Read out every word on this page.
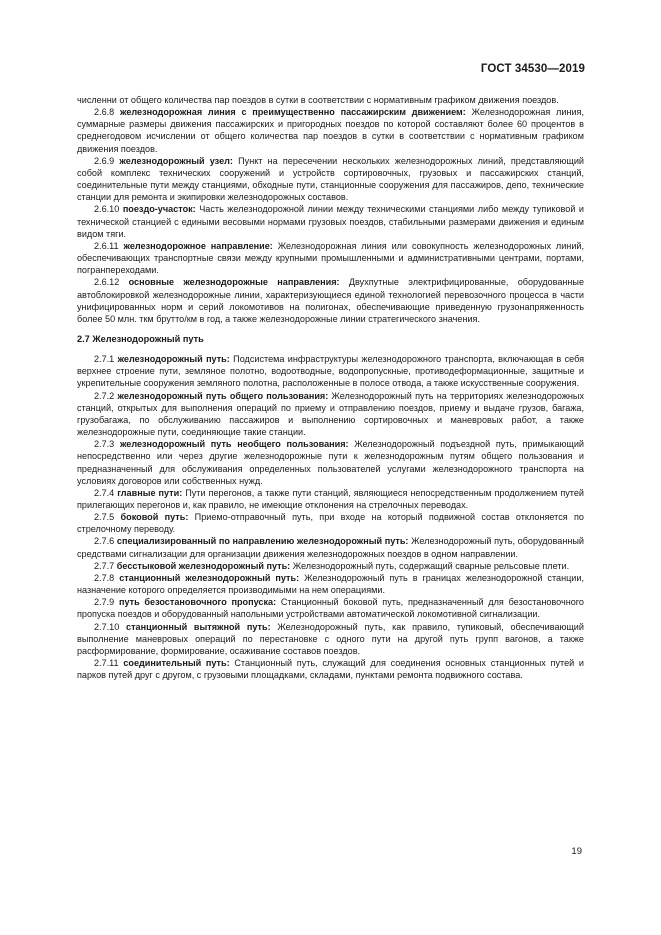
ГОСТ 34530—2019

численни от общего количества пар поездов в сутки в соответствии с нормативным графиком движения поездов.

2.6.8 железнодорожная линия с преимущественно пассажирским движением: Железнодорожная линия, суммарные размеры движения пассажирских и пригородных поездов по которой составляют более 60 процентов в среднегодовом исчислении от общего количества пар поездов в сутки в соответствии с нормативным графиком движения поездов.

2.6.9 железнодорожный узел: Пункт на пересечении нескольких железнодорожных линий, представляющий собой комплекс технических сооружений и устройств сортировочных, грузовых и пассажирских станций, соединительные пути между станциями, обходные пути, станционные сооружения для пассажиров, депо, технические станции для ремонта и экипировки железнодорожных составов.

2.6.10 поездо-участок: Часть железнодорожной линии между техническими станциями либо между тупиковой и технической станцией с едиными весовыми нормами грузовых поездов, стабильными размерами движения и единым видом тяги.

2.6.11 железнодорожное направление: Железнодорожная линия или совокупность железнодорожных линий, обеспечивающих транспортные связи между крупными промышленными и административными центрами, портами, погранпереходами.

2.6.12 основные железнодорожные направления: Двухпутные электрифицированные, оборудованные автоблокировкой железнодорожные линии, характеризующиеся единой технологией перевозочного процесса в части унифицированных норм и серий локомотивов на полигонах, обеспечивающие приведенную грузонапряженность более 50 млн. ткм брутто/км в год, а также железнодорожные линии стратегического значения.

2.7 Железнодорожный путь

2.7.1 железнодорожный путь: Подсистема инфраструктуры железнодорожного транспорта, включающая в себя верхнее строение пути, земляное полотно, водоотводные, водопропускные, противодеформационные, защитные и укрепительные сооружения земляного полотна, расположенные в полосе отвода, а также искусственные сооружения.

2.7.2 железнодорожный путь общего пользования: Железнодорожный путь на территориях железнодорожных станций, открытых для выполнения операций по приему и отправлению поездов, приему и выдаче грузов, багажа, грузобагажа, по обслуживанию пассажиров и выполнению сортировочных и маневровых работ, а также железнодорожные пути, соединяющие такие станции.

2.7.3 железнодорожный путь необщего пользования: Железнодорожный подъездной путь, примыкающий непосредственно или через другие железнодорожные пути к железнодорожным путям общего пользования и предназначенный для обслуживания определенных пользователей услугами железнодорожного транспорта на условиях договоров или собственных нужд.

2.7.4 главные пути: Пути перегонов, а также пути станций, являющиеся непосредственным продолжением путей прилегающих перегонов и, как правило, не имеющие отклонения на стрелочных переводах.

2.7.5 боковой путь: Приемо-отправочный путь, при входе на который подвижной состав отклоняется по стрелочному переводу.

2.7.6 специализированный по направлению железнодорожный путь: Железнодорожный путь, оборудованный средствами сигнализации для организации движения железнодорожных поездов в одном направлении.

2.7.7 бесстыковой железнодорожный путь: Железнодорожный путь, содержащий сварные рельсовые плети.

2.7.8 станционный железнодорожный путь: Железнодорожный путь в границах железнодорожной станции, назначение которого определяется производимыми на нем операциями.

2.7.9 путь безостановочного пропуска: Станционный боковой путь, предназначенный для безостановочного пропуска поездов и оборудованный напольными устройствами автоматической локомотивной сигнализации.

2.7.10 станционный вытяжной путь: Железнодорожный путь, как правило, тупиковый, обеспечивающий выполнение маневровых операций по перестановке с одного пути на другой путь групп вагонов, а также расформирование, формирование, осаживание составов поездов.

2.7.11 соединительный путь: Станционный путь, служащий для соединения основных станционных путей и парков путей друг с другом, с грузовыми площадками, складами, пунктами ремонта подвижного состава.

19
